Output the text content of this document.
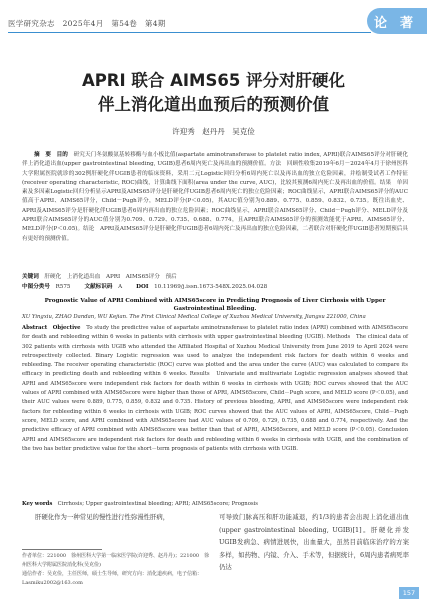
医学研究杂志　2025年4月　第54卷　第4期	论　著
APRI 联合 AIMS65 评分对肝硬化
伴上消化道出血预后的预测价值
许迎秀　赵丹丹　吴克俭
摘　要　目的　 研究天门冬氨酸氨基转移酶与血小板比值(aspartate aminotransferase to platelet ratio index, APRI)联合AIMS65评分对肝硬化伴上消化道出血(upper gastrointestinal bleeding, UGIB)患者6周内死亡及再出血的预测价值。方法　回顾性收集2019年6月－2024年4月于徐州医科大学附属医院就诊的302例肝硬化伴UGIB患者的临床资料，采用二元Logistic回归分析6周内死亡以及再出血的独立危险因素，并绘制受试者工作特征(receiver operating characteristic, ROC)曲线，计算曲线下面积(area under the curve, AUC)，比较其预测6周内死亡及再出血的价值。结果　单因素及多因素Logistic回归分析显示APRI及AIMS65评分是肝硬化伴UGIB患者6周内死亡的独立危险因素；ROC曲线显示，APRI联合AIMS65评分的AUC值高于APRI、AIMS65评分，Child－Pugh评分，MELD评分(P＜0.05)，其AUC值分别为0.889、0.775、0.859、0.832、0.735。既往出血史、APRI及AIMS65评分是肝硬化伴UGIB患者6周内再出血的独立危险因素；ROC曲线显示，APRI联合AIMS65评分、Child－Pugh评分、MELD评分及APRI联合AIMS65评分的AUC值分别为0.709、0.729、0.735、0.688、0.774，且APRI联合AIMS65评分的预测效能优于APRI、AIMS65评分、MELD评分(P＜0.05)。结论　APRI及AIMS65评分是肝硬化伴UGIB患者6周内死亡及再出血的独立危险因素，二者联合对肝硬化伴UGIB患者短期预后具有更好的预测价值。
关键词　 肝硬化　上消化道出血　APRI　AIMS65评分　预后
中图分类号　 R575	文献标识码　 A	DOI　 10.11969/j.issn.1673-548X.2025.04.028
Prognostic Value of APRI Combined with AIMS65score in Predicting Prognosis of Liver Cirrhosis with Upper Gastrointestinal Bleeding.
XU Yingxiu, ZHAO Dandan, WU Kejian. The First Clinical Medical College of Xuzhou Medical University, Jiangsu 221000, China
Abstract　Objective　 To study the predictive value of aspartate aminotransferase to platelet ratio index (APRI) combined with AIMS65score for death and rebleeding within 6 weeks in patients with cirrhosis with upper gastrointestinal bleeding (UGIB). Methods　The clinical data of 302 patients with cirrhosis with UGIB who attended the Affiliated Hospital of Xuzhou Medical University from June 2019 to April 2024 were retrospectively collected. Binary Logistic regression was used to analyze the independent risk factors for death within 6 weeks and rebleeding. The receiver operating characteristic (ROC) curve was plotted and the area under the curve (AUC) was calculated to compare its efficacy in predicting death and rebleeding within 6 weeks. Results　Univariate and multivariate Logistic regression analyses showed that APRI and AIMS65score were independent risk factors for death within 6 weeks in cirrhosis with UGIB; ROC curves showed that the AUC values of APRI combined with AIMS65score were higher than those of APRI, AIMS65score, Child－Pugh score, and MELD score (P＜0.05), and their AUC values were 0.889, 0.775, 0.859, 0.832 and 0.735. History of previous bleeding, APRI, and AIMS65score were independent risk factors for rebleeding within 6 weeks in cirrhosis with UGIB; ROC curves showed that the AUC values of APRI, AIMS65score, Child－Pugh score, MELD score, and APRI combined with AIMS65score had AUC values of 0.709, 0.729, 0.735, 0.688 and 0.774, respectively. And the predictive efficacy of APRI combined with AIMS65score was better than that of APRI, AIMS65score, and MELD score (P＜0.05). Conclusion　APRI and AIMS65score are independent risk factors for death and rebleeding within 6 weeks in cirrhosis with UGIB, and the combination of the two has better predictive value for the short－term prognosis of patients with cirrhosis with UGIB.
Key words　 Cirrhosis; Upper gastrointestinal bleeding; APRI; AIMS65score; Prognosis
肝硬化作为一种常见的慢性进行性弥漫性肝病，
作者单位：221000　徐州医科大学第一临床医学院(许迎秀、赵丹丹)；221000　徐州医科大学附属医院消化科(吴克俭)
通信作者：吴克俭，主任医师，硕士生导师，研究方向：消化道疾病，电子信箱：Lasmiku2002@163.com
可导致门脉高压和肝功能减退，约1/3的患者会出现上消化道出血(upper gastrointestinal bleeding, UGIB)[1]。肝硬化并发UGIB发病急、病情进展快，出血量大，虽然目前临床治疗的方案多样，如药物、内镜、介入、手术等，但据统计，6周内患者病死率仍达
157
